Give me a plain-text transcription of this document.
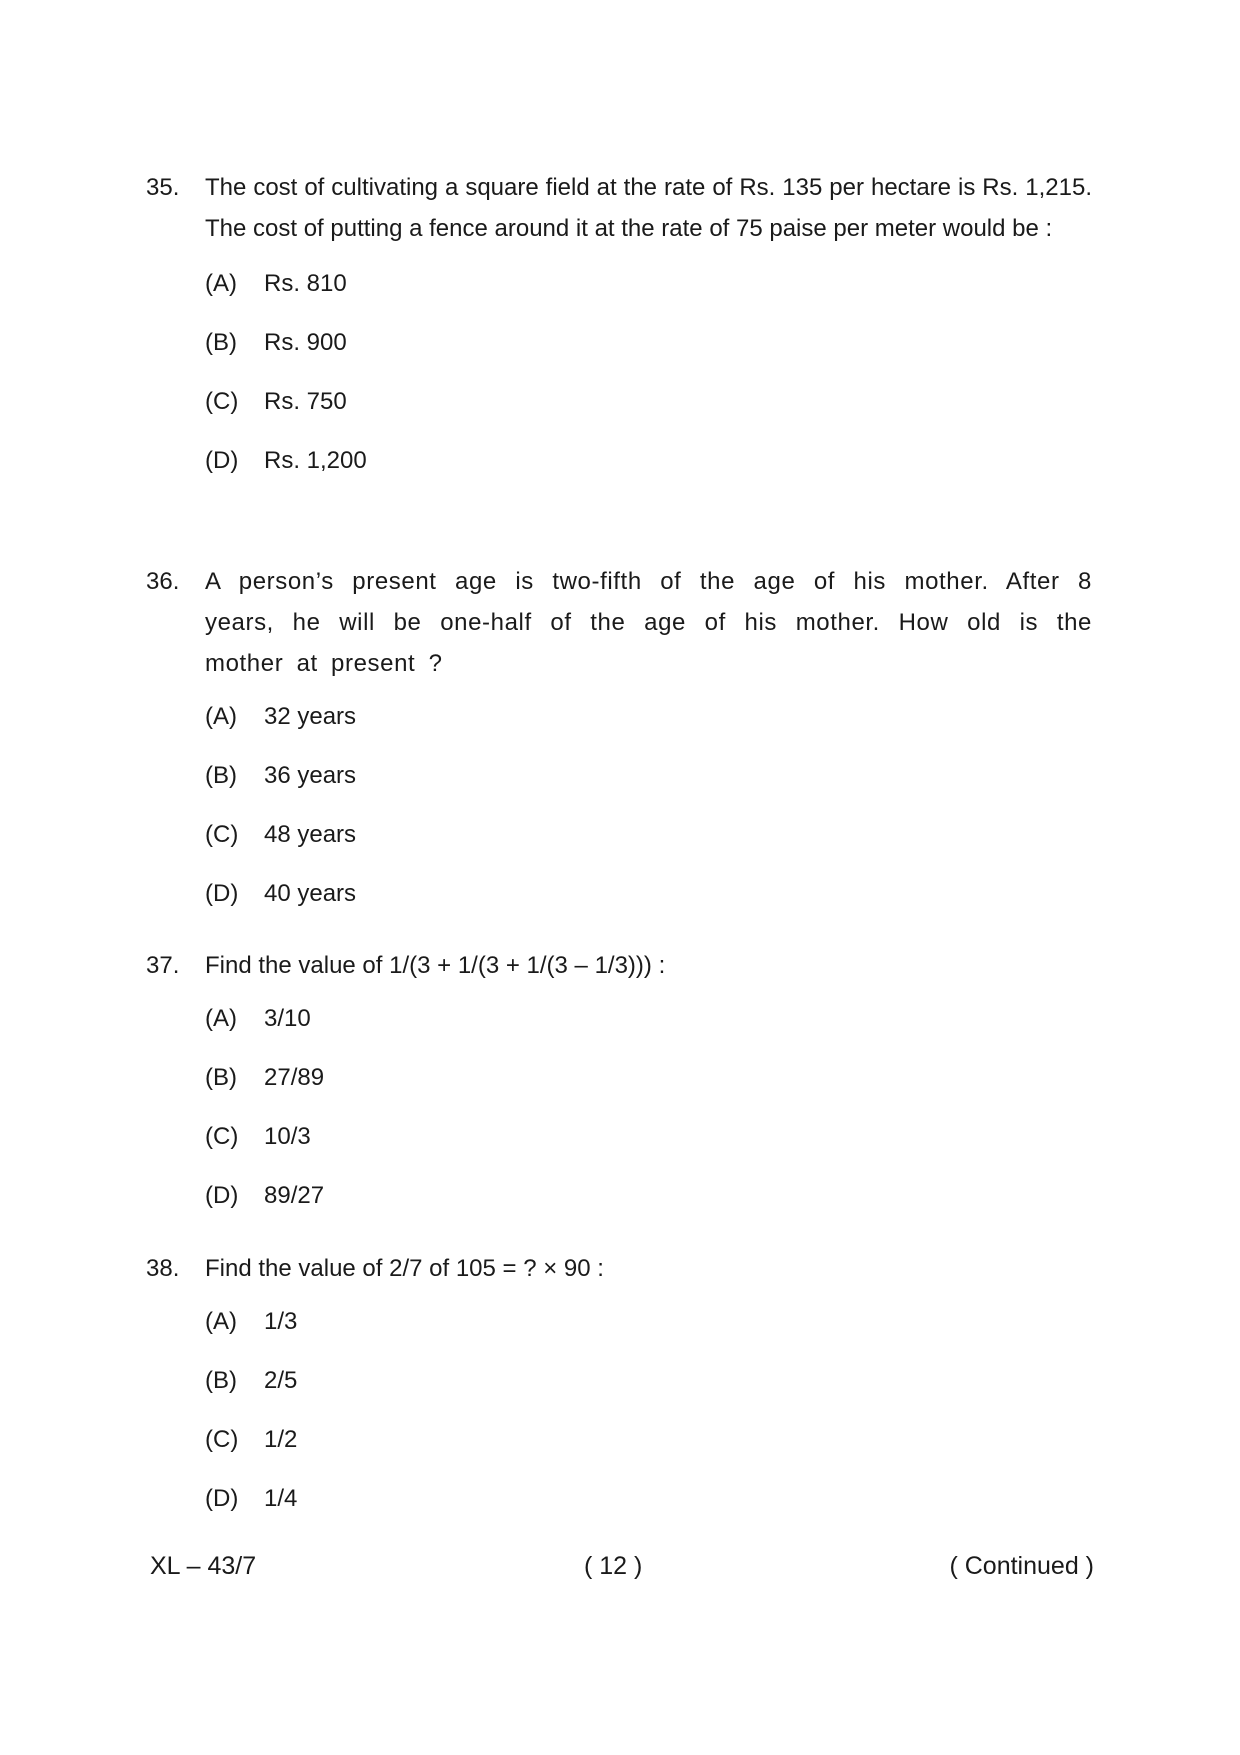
35. The cost of cultivating a square field at the rate of Rs. 135 per hectare is Rs. 1,215. The cost of putting a fence around it at the rate of 75 paise per meter would be :
(A) Rs. 810
(B) Rs. 900
(C) Rs. 750
(D) Rs. 1,200
36. A person’s present age is two-fifth of the age of his mother. After 8 years, he will be one-half of the age of his mother. How old is the mother at present ?
(A) 32 years
(B) 36 years
(C) 48 years
(D) 40 years
37. Find the value of 1/(3 + 1/(3 + 1/(3 – 1/3))) :
(A) 3/10
(B) 27/89
(C) 10/3
(D) 89/27
38. Find the value of 2/7 of 105 = ? × 90 :
(A) 1/3
(B) 2/5
(C) 1/2
(D) 1/4
XL – 43/7	( 12 )	( Continued )
